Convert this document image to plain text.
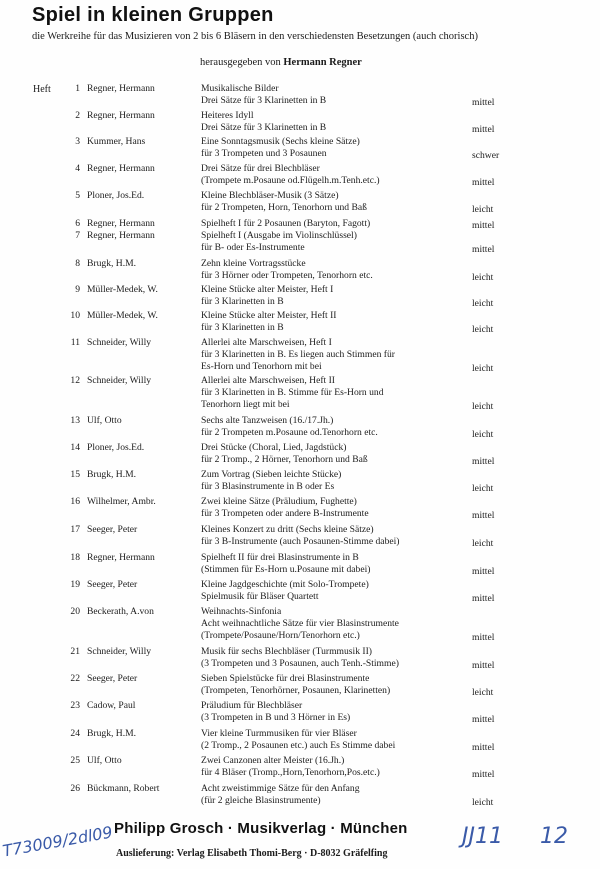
Spiel in kleinen Gruppen
die Werkreihe für das Musizieren von 2 bis 6 Bläsern in den verschiedensten Besetzungen (auch chorisch)
herausgegeben von Hermann Regner
Heft	1 Regner, Hermann	Musikalische Bilder
Drei Sätze für 3 Klarinetten in B	mittel
2 Regner, Hermann	Heiteres Idyll
Drei Sätze für 3 Klarinetten in B	mittel
3 Kummer, Hans	Eine Sonntagsmusik (Sechs kleine Sätze)
für 3 Trompeten und 3 Posaunen	schwer
4 Regner, Hermann	Drei Sätze für drei Blechbläser
(Trompete m.Posaune od.Flügelh.m.Tenh.etc.)	mittel
5 Ploner, Jos.Ed.	Kleine Blechbläser-Musik (3 Sätze)
für 2 Trompeten, Horn, Tenorhorn und Baß	leicht
6 Regner, Hermann	Spielheft I für 2 Posaunen (Baryton, Fagott)	mittel
7 Regner, Hermann	Spielheft I (Ausgabe im Violinschlüssel)
für B- oder Es-Instrumente	mittel
8 Brugk, H.M.	Zehn kleine Vortragsstücke
für 3 Hörner oder Trompeten, Tenorhorn etc.	leicht
9 Müller-Medek, W.	Kleine Stücke alter Meister, Heft I
für 3 Klarinetten in B	leicht
10 Müller-Medek, W.	Kleine Stücke alter Meister, Heft II
für 3 Klarinetten in B	leicht
11 Schneider, Willy	Allerlei alte Marschweisen, Heft I
für 3 Klarinetten in B. Es liegen auch Stimmen für
Es-Horn und Tenorhorn mit bei	leicht
12 Schneider, Willy	Allerlei alte Marschweisen, Heft II
für 3 Klarinetten in B. Stimme für Es-Horn und
Tenorhorn liegt mit bei	leicht
13 Ulf, Otto	Sechs alte Tanzweisen (16./17.Jh.)
für 2 Trompeten m.Posaune od.Tenorhorn etc.	leicht
14 Ploner, Jos.Ed.	Drei Stücke (Choral, Lied, Jagdstück)
für 2 Tromp., 2 Hörner, Tenorhorn und Baß	mittel
15 Brugk, H.M.	Zum Vortrag (Sieben leichte Stücke)
für 3 Blasinstrumente in B oder Es	leicht
16 Wilhelmer, Ambr.	Zwei kleine Sätze (Präludium, Fughette)
für 3 Trompeten oder andere B-Instrumente	mittel
17 Seeger, Peter	Kleines Konzert zu dritt (Sechs kleine Sätze)
für 3 B-Instrumente (auch Posaunen-Stimme dabei)	leicht
18 Regner, Hermann	Spielheft II für drei Blasinstrumente in B
(Stimmen für Es-Horn u.Posaune mit dabei)	mittel
19 Seeger, Peter	Kleine Jagdgeschichte (mit Solo-Trompete)
Spielmusik für Bläser Quartett	mittel
20 Beckerath, A.von	Weihnachts-Sinfonia
Acht weihnachtliche Sätze für vier Blasinstrumente
(Trompete/Posaune/Horn/Tenorhorn etc.)	mittel
21 Schneider, Willy	Musik für sechs Blechbläser (Turmmusik II)
(3 Trompeten und 3 Posaunen, auch Tenh.-Stimme)	mittel
22 Seeger, Peter	Sieben Spielstücke für drei Blasinstrumente
(Trompeten, Tenorhörner, Posaunen, Klarinetten)	leicht
23 Cadow, Paul	Präludium für Blechbläser
(3 Trompeten in B und 3 Hörner in Es)	mittel
24 Brugk, H.M.	Vier kleine Turmmusiken für vier Bläser
(2 Tromp., 2 Posaunen etc.) auch Es Stimme dabei	mittel
25 Ulf, Otto	Zwei Canzonen alter Meister (16.Jh.)
für 4 Bläser (Tromp.,Horn,Tenorhorn,Pos.etc.)	mittel
26 Bückmann, Robert	Acht zweistimmige Sätze für den Anfang
(für 2 gleiche Blasinstrumente)	leicht
Philipp Grosch · Musikverlag · München
Auslieferung: Verlag Elisabeth Thomi-Berg · D-8032 Gräfelfing
T73009/2dl09	JJ11 12
